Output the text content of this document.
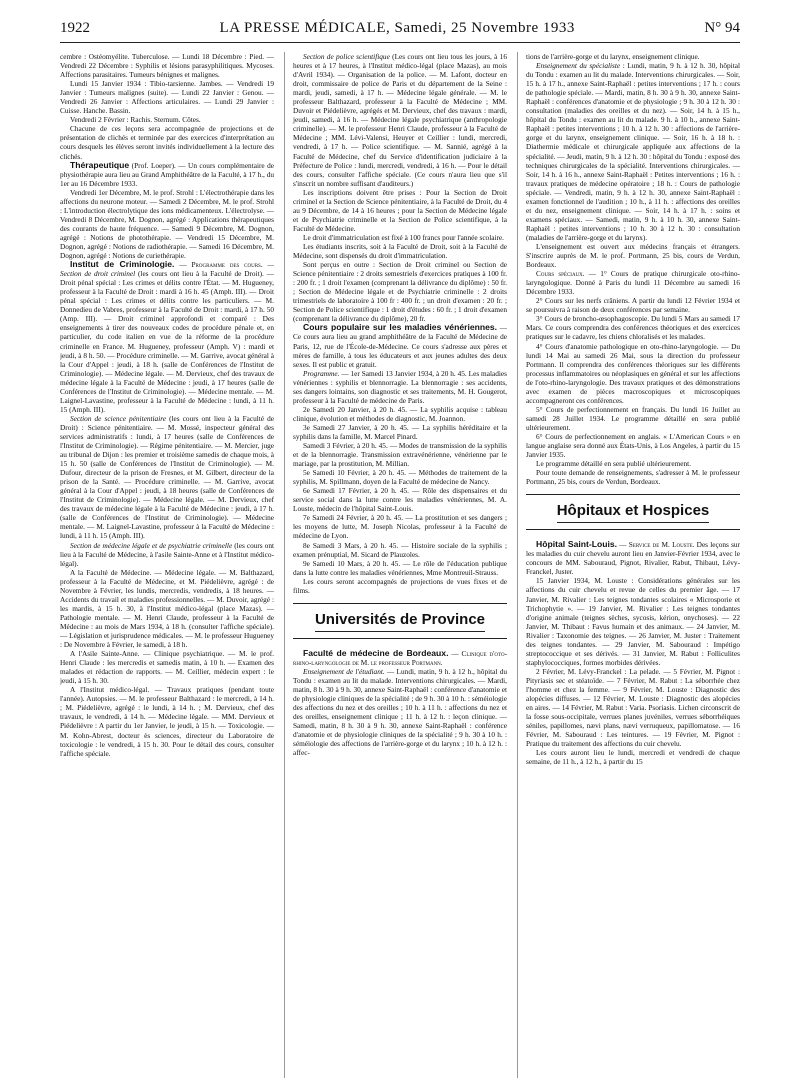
1922	LA PRESSE MÉDICALE, Samedi, 25 Novembre 1933	N° 94

cembre : Ostéomyélite. Tuberculose. — Lundi 18 Décembre : Pied. — Vendredi 22 Décembre : Syphilis et lésions parasyphilitiques. Mycoses. Affections parasitaires. Tumeurs bénignes et malignes.

Lundi 15 Janvier 1934 : Tibio-tarsienne. Jambes. — Vendredi 19 Janvier : Tumeurs malignes (suite). — Lundi 22 Janvier : Genou. — Vendredi 26 Janvier : Affections articulaires. — Lundi 29 Janvier : Cuisse. Hanche. Bassin.

Vendredi 2 Février : Rachis. Sternum. Côtes.

Chacune de ces leçons sera accompagnée de projections et de présentation de clichés et terminée par des exercices d'interprétation au cours desquels les élèves seront invités individuellement à la lecture des clichés.

Thérapeutique (Prof. Loeper). — Un cours complémentaire de physiothérapie aura lieu au Grand Amphithéâtre de la Faculté, à 17 h., du 1er au 16 Décembre 1933.

Vendredi 1er Décembre, M. le prof. Strohl : L'électrothérapie dans les affections du neurone moteur. — Samedi 2 Décembre, M. le prof. Strohl : L'introduction électrolytique des ions médicamenteux. L'électrolyse. — Vendredi 8 Décembre, M. Dognon, agrégé : Applications thérapeutiques des courants de haute fréquence. — Samedi 9 Décembre, M. Dognon, agrégé : Notions de photothérapie. — Vendredi 15 Décembre, M. Dognon, agrégé : Notions de radiothérapie. — Samedi 16 Décembre, M. Dognon, agrégé : Notions de curiethérapie.

Institut de Criminologie. — Programme des cours. — Section de droit criminel (les cours ont lieu à la Faculté de Droit). — Droit pénal spécial : Les crimes et délits contre l'État. — M. Hugueney, professeur à la Faculté de Droit : mardi à 16 h. 45 (Amph. III). — Droit pénal spécial : Les crimes et délits contre les particuliers. — M. Donnedieu de Vabres, professeur à la Faculté de Droit : mardi, à 17 h. 50 (Amp. III). — Droit criminel approfondi et comparé : Des enseignements à tirer des nouveaux codes de procédure pénale et, en particulier, du code italien en vue de la réforme de la procédure criminelle en France. M. Hugueney, professeur (Amph. V) : mardi et jeudi, à 8 h. 50. — Procédure criminelle. — M. Garrive, avocat général à la Cour d'Appel : jeudi, à 18 h. (salle de Conférences de l'Institut de Criminologie). — Médecine légale. — M. Dervieux, chef des travaux de médecine légale à la Faculté de Médecine : jeudi, à 17 heures (salle de Conférences de l'Institut de Criminologie). — Médecine mentale. — M. Laignel-Lavastine, professeur à la Faculté de Médecine : lundi, à 11 h. 15 (Amph. III).

Section de science pénitentiaire (les cours ont lieu à la Faculté de Droit) : Science pénitentiaire. — M. Mossé, inspecteur général des services administratifs : lundi, à 17 heures (salle de Conférences de l'Institut de Criminologie). — Régime pénitentiaire. — M. Mercier, juge au tribunal de Dijon : les premier et troisième samedis de chaque mois, à 15 h. 50 (salle de Conférences de l'Institut de Criminologie). — M. Dufour, directeur de la prison de Fresnes, et M. Gilbert, directeur de la prison de la Santé. — Procédure criminelle. — M. Garrive, avocat général à la Cour d'Appel : jeudi, à 18 heures (salle de Conférences de l'Institut de Criminologie). — Médecine légale. — M. Dervieux, chef des travaux de médecine légale à la Faculté de Médecine : jeudi, à 17 h. (salle de Conférences de l'Institut de Criminologie). — Médecine mentale. — M. Laignel-Lavastine, professeur à la Faculté de Médecine : lundi, à 11 h. 15 (Amph. III).

Section de médecine légale et de psychiatrie criminelle (les cours ont lieu à la Faculté de Médecine, à l'asile Sainte-Anne et à l'Institut médico-légal).

A la Faculté de Médecine. — Médecine légale. — M. Balthazard, professeur à la Faculté de Médecine, et M. Piédelièvre, agrégé : de Novembre à Février, les lundis, mercredis, vendredis, à 18 heures. — Accidents du travail et maladies professionnelles. — M. Duvoir, agrégé : les mardis, à 15 h. 30, à l'Institut médico-légal (place Mazas). — Pathologie mentale. — M. Henri Claude, professeur à la Faculté de Médecine : au mois de Mars 1934, à 18 h. (consulter l'affiche spéciale). — Législation et jurisprudence médicales. — M. le professeur Hugueney : De Novembre à Février, le samedi, à 18 h.

A l'Asile Sainte-Anne. — Clinique psychiatrique. — M. le prof. Henri Claude : les mercredis et samedis matin, à 10 h. — Examen des malades et rédaction de rapports. — M. Ceillier, médecin expert : le jeudi, à 15 h. 30.

A l'Institut médico-légal. — Travaux pratiques (pendant toute l'année). Autopsies. — M. le professeur Balthazard : le mercredi, à 14 h. ; M. Piédelièvre, agrégé : le lundi, à 14 h. ; M. Dervieux, chef des travaux, le vendredi, à 14 h. — Médecine légale. — MM. Dervieux et Piédelièvre : A partir du 1er Janvier, le jeudi, à 15 h. — Toxicologie. — M. Kohn-Abrest, docteur ès sciences, directeur du Laboratoire de toxicologie : le vendredi, à 15 h. 30. Pour le détail des cours, consulter l'affiche spéciale.

Section de police scientifique (Les cours ont lieu tous les jours, à 16 heures et à 17 heures, à l'Institut médico-légal (place Mazas), au mois d'Avril 1934). — Organisation de la police. — M. Lafont, docteur en droit, commissaire de police de Paris et du département de la Seine : mardi, jeudi, samedi, à 17 h. — Médecine légale générale. — M. le professeur Balthazard, professeur à la Faculté de Médecine ; MM. Duvoir et Piédelièvre, agrégés et M. Dervieux, chef des travaux : mardi, jeudi, samedi, à 16 h. — Médecine légale psychiatrique (anthropologie criminelle). — M. le professeur Henri Claude, professeur à la Faculté de Médecine ; MM. Lévi-Valensi, Heuyer et Ceillier : lundi, mercredi, vendredi, à 17 h. — Police scientifique. — M. Sannié, agrégé à la Faculté de Médecine, chef du Service d'identification judiciaire à la Préfecture de Police : lundi, mercredi, vendredi, à 16 h. — Pour le détail des cours, consulter l'affiche spéciale. (Ce cours n'aura lieu que s'il s'inscrit un nombre suffisant d'auditeurs.)

Les inscriptions doivent être prises : Pour la Section de Droit criminel et la Section de Science pénitentiaire, à la Faculté de Droit, du 4 au 9 Décembre, de 14 à 16 heures ; pour la Section de Médecine légale et de Psychiatrie criminelle et la Section de Police scientifique, à la Faculté de Médecine.

Le droit d'immatriculation est fixé à 100 francs pour l'année scolaire.

Les étudiants inscrits, soit à la Faculté de Droit, soit à la Faculté de Médecine, sont dispensés du droit d'immatriculation.

Sont perçus en outre : Section de Droit criminel ou Section de Science pénitentiaire : 2 droits semestriels d'exercices pratiques à 100 fr. : 200 fr. ; 1 droit l'examen (comprenant la délivrance du diplôme) : 50 fr. ; Section de Médecine légale et de Psychiatrie criminelle : 2 droits trimestriels de laboratoire à 100 fr : 400 fr. ; un droit d'examen : 20 fr. ; Section de Police scientifique : 1 droit d'études : 60 fr. ; 1 droit d'examen (comprenant la délivrance du diplôme), 20 fr.

Cours populaire sur les maladies vénériennes. — Ce cours aura lieu au grand amphithéâtre de la Faculté de Médecine de Paris, 12, rue de l'École-de-Médecine. Ce cours s'adresse aux pères et mères de famille, à tous les éducateurs et aux jeunes adultes des deux sexes. Il est public et gratuit.

Programme. — 1er Samedi 13 Janvier 1934, à 20 h. 45. Les maladies vénériennes : syphilis et blennorragie. La blennorragie : ses accidents, ses dangers lointains, son diagnostic et ses traitements, M. H. Gougerot, professeur à la Faculté de médecine de Paris.

2e Samedi 20 Janvier, à 20 h. 45. — La syphilis acquise : tableau clinique, évolution et méthodes de diagnostic, M. Joannon.

3e Samedi 27 Janvier, à 20 h. 45. — La syphilis héréditaire et la syphilis dans la famille, M. Marcel Pinard.

Samedi 3 Février, à 20 h. 45. — Modes de transmission de la syphilis et de la blennorragie. Transmission extravénérienne, vénérienne par le mariage, par la prostitution, M. Millian.

5e Samedi 10 Février, à 20 h. 45. — Méthodes de traitement de la syphilis, M. Spillmann, doyen de la Faculté de médecine de Nancy.

6e Samedi 17 Février, à 20 h. 45. — Rôle des dispensaires et du service social dans la lutte contre les maladies vénériennes, M. A. Louste, médecin de l'hôpital Saint-Louis.

7e Samedi 24 Février, à 20 h. 45. — La prostitution et ses dangers ; les moyens de lutte, M. Joseph Nicolas, professeur à la Faculté de médecine de Lyon.

8e Samedi 3 Mars, à 20 h. 45. — Histoire sociale de la syphilis ; examen prénuptial, M. Sicard de Plauzoles.

9e Samedi 10 Mars, à 20 h. 45. — Le rôle de l'éducation publique dans la lutte contre les maladies vénériennes, Mme Montreuil-Strauss.

Les cours seront accompagnés de projections de vues fixes et de films.

Universités de Province

Faculté de médecine de Bordeaux. — Clinique d'oto-rhino-laryngologie de M. le professeur Portmann.

Enseignement de l'étudiant. — Lundi, matin, 9 h. à 12 h., hôpital du Tondu : examen au lit du malade. Interventions chirurgicales. — Mardi, matin, 8 h. 30 à 9 h. 30, annexe Saint-Raphaël : conférence d'anatomie et de physiologie cliniques de la spécialité ; de 9 h. 30 à 10 h. : séméiologie des affections du nez et des oreilles ; 10 h. à 11 h. : affections du nez et des oreilles, enseignement clinique ; 11 h. à 12 h. : leçon clinique. — Samedi, matin, 8 h. 30 à 9 h. 30, annexe Saint-Raphaël : conférence d'anatomie et de physiologie cliniques de la spécialité ; 9 h. 30 à 10 h. : séméiologie des affections de l'arrière-gorge et du larynx ; 10 h. à 12 h. : affec-

tions de l'arrière-gorge et du larynx, enseignement clinique.

Enseignement du spécialiste : Lundi, matin, 9 h. à 12 h. 30, hôpital du Tondu : examen au lit du malade. Interventions chirurgicales. — Soir, 15 h. à 17 h., annexe Saint-Raphaël : petites interventions ; 17 h. : cours de pathologie spéciale. — Mardi, matin, 8 h. 30 à 9 h. 30, annexe Saint-Raphaël : conférences d'anatomie et de physiologie ; 9 h. 30 à 12 h. 30 : consultation (maladies des oreilles et du nez). — Soir, 14 h. à 15 h., hôpital du Tondu : examen au lit du malade. 9 h. à 10 h., annexe Saint-Raphaël : petites interventions ; 10 h. à 12 h. 30 : affections de l'arrière-gorge et du larynx, enseignement clinique. — Soir, 16 h. à 18 h. : Diathermie médicale et chirurgicale appliquée aux affections de la spécialité. — Jeudi, matin, 9 h. à 12 h. 30 : hôpital du Tondu : exposé des techniques chirurgicales de la spécialité. Interventions chirurgicales. — Soir, 14 h. à 16 h., annexe Saint-Raphaël : Petites interventions ; 16 h. : travaux pratiques de médecine opératoire ; 18 h. : Cours de pathologie spéciale. — Vendredi, matin, 9 h. à 12 h. 30, annexe Saint-Raphaël : examen fonctionnel de l'audition ; 10 h., à 11 h. : affections des oreilles et du nez, enseignement clinique. — Soir, 14 h. à 17 h. : soins et examens spéciaux. — Samedi, matin, 9 h. à 10 h. 30, annexe Saint-Raphaël : petites interventions ; 10 h. 30 à 12 h. 30 : consultation (maladies de l'arrière-gorge et du larynx).

L'enseignement est ouvert aux médecins français et étrangers. S'inscrire auprès de M. le prof. Portmann, 25 bis, cours de Verdun, Bordeaux.

Cours spéciaux. — 1° Cours de pratique chirurgicale oto-rhino-laryngologique. Donné à Paris du lundi 11 Décembre au samedi 16 Décembre 1933.

2° Cours sur les nerfs crâniens. A partir du lundi 12 Février 1934 et se poursuivra à raison de deux conférences par semaine.

3° Cours de broncho-œsophagoscopie. Du lundi 5 Mars au samedi 17 Mars. Ce cours comprendra des conférences théoriques et des exercices pratiques sur le cadavre, les chiens chloralisés et les malades.

4° Cours d'anatomie pathologique en oto-rhino-laryngologie. — Du lundi 14 Mai au samedi 26 Mai, sous la direction du professeur Portmann. Il comprendra des conférences théoriques sur les différents processus inflammatoires ou néoplasiques en général et sur les affections de l'oto-rhino-laryngologie. Des travaux pratiques et des démonstrations avec examen de pièces macroscopiques et microscopiques accompagneront ces conférences.

5° Cours de perfectionnement en français. Du lundi 16 Juillet au samedi 28 Juillet 1934. Le programme détaillé en sera publié ultérieurement.

6° Cours de perfectionnement en anglais. « L'American Cours » en langue anglaise sera donné aux États-Unis, à Los Angeles, à partir du 15 Janvier 1935.

Le programme détaillé en sera publié ultérieurement.

Pour toute demande de renseignements, s'adresser à M. le professeur Portmann, 25 bis, cours de Verdun, Bordeaux.

Hôpitaux et Hospices

Hôpital Saint-Louis. — Service de M. Louste. Des leçons sur les maladies du cuir chevelu auront lieu en Janvier-Février 1934, avec le concours de MM. Sabouraud, Pignot, Rivalier, Rabut, Thibaut, Lévy-Franckel, Juster.

15 Janvier 1934, M. Louste : Considérations générales sur les affections du cuir chevelu et revue de celles du premier âge. — 17 Janvier, M. Rivalier : Les teignes tondantes scolaires « Microsporie et Trichophytie ». — 19 Janvier, M. Rivalier : Les teignes tondantes d'origine animale (teignes sèches, sycosis, kérion, onychoses). — 22 Janvier, M. Thibaut : Favus humain et des animaux. — 24 Janvier, M. Rivalier : Taxonomie des teignes. — 26 Janvier, M. Juster : Traitement des teignes tondantes. — 29 Janvier, M. Sabouraud : Impétigo streptococcique et ses dérivés. — 31 Janvier, M. Rabut : Folliculites staphylococciques, formes morbides dérivées.

2 Février, M. Lévy-Franckel : La pelade. — 5 Février, M. Pignot : Pityriasis sec et stéatoïde. — 7 Février, M. Rabut : La séborrhée chez l'homme et chez la femme. — 9 Février, M. Louste : Diagnostic des alopécies diffuses. — 12 Février, M. Louste : Diagnostic des alopécies en aires. — 14 Février, M. Rabut : Varia. Psoriasis. Lichen circonscrit de la fosse sous-occipitale, verrues planes juvéniles, verrues séborrhéiques séniles, papillomes, nævi plans, nævi verruqueux, papillomatose. — 16 Février, M. Sabouraud : Les teintures. — 19 Février, M. Pignot : Pratique du traitement des affections du cuir chevelu.

Les cours auront lieu le lundi, mercredi et vendredi de chaque semaine, de 11 h., à 12 h., à partir du 15
